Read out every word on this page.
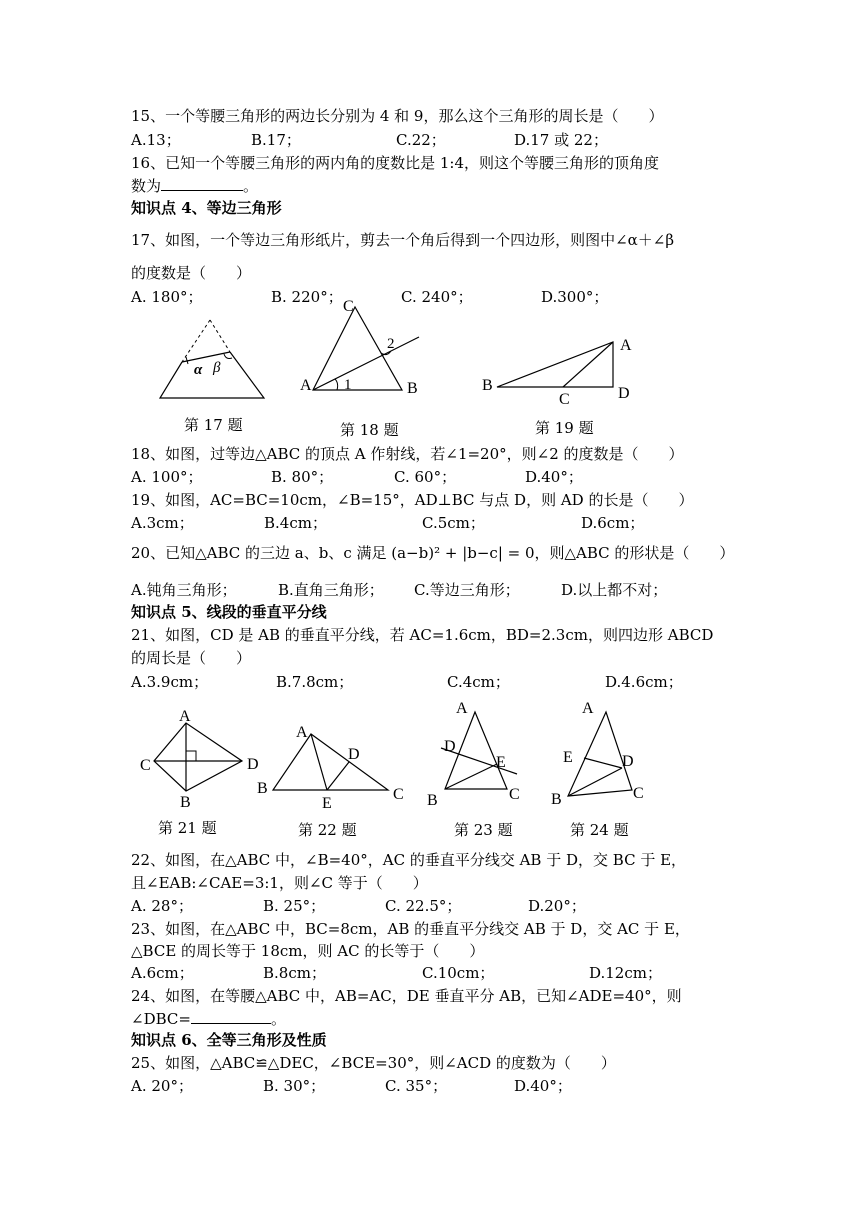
15、一个等腰三角形的两边长分别为 4 和 9，那么这个三角形的周长是（　　）
A.13；	B.17；	C.22；	D.17 或 22；
16、已知一个等腰三角形的两内角的度数比是 1:4，则这个等腰三角形的顶角度
数为	。
知识点 4、等边三角形
17、如图，一个等边三角形纸片，剪去一个角后得到一个四边形，则图中∠α＋∠β
的度数是（　　）
A. 180°；	B. 220°；	C. 240°；	D.300°；
α β
第 17 题
C
A	B
1
2
第 18 题
A
B
C	D
第 19 题
18、如图，过等边△ABC 的顶点 A 作射线，若∠1=20°，则∠2 的度数是（　　）
A. 100°；	B. 80°；	C. 60°；	D.40°；
19、如图，AC=BC=10cm，∠B=15°，AD⊥BC 与点 D，则 AD 的长是（　　）
A.3cm；	B.4cm；	C.5cm；	D.6cm；
20、已知△ABC 的三边 a、b、c 满足 (a−b)² + |b−c| = 0，则△ABC 的形状是（　　）
A.钝角三角形；	B.直角三角形； C.等边三角形；	D.以上都不对；
知识点 5、线段的垂直平分线
21、如图，CD 是 AB 的垂直平分线，若 AC=1.6cm，BD=2.3cm，则四边形 ABCD
的周长是（　　）
A.3.9cm；	B.7.8cm；	C.4cm；	D.4.6cm；
A
C	D
B
第 21 题
A
D
B	C
E
第 22 题
A
D
E
B	C
第 23 题
A
E	D
B	C
第 24 题
22、如图，在△ABC 中，∠B=40°，AC 的垂直平分线交 AB 于 D，交 BC 于 E，
且∠EAB:∠CAE=3:1，则∠C 等于（　　）
A. 28°；	B. 25°；	C. 22.5°；	D.20°；
23、如图，在△ABC 中，BC=8cm，AB 的垂直平分线交 AB 于 D，交 AC 于 E，
△BCE 的周长等于 18cm，则 AC 的长等于（　　）
A.6cm；	B.8cm；	C.10cm；	D.12cm；
24、如图，在等腰△ABC 中，AB=AC，DE 垂直平分 AB，已知∠ADE=40°，则
∠DBC=	。
知识点 6、全等三角形及性质
25、如图，△ABC≌△DEC，∠BCE=30°，则∠ACD 的度数为（　　）
A. 20°；	B. 30°；	C. 35°；	D.40°；
